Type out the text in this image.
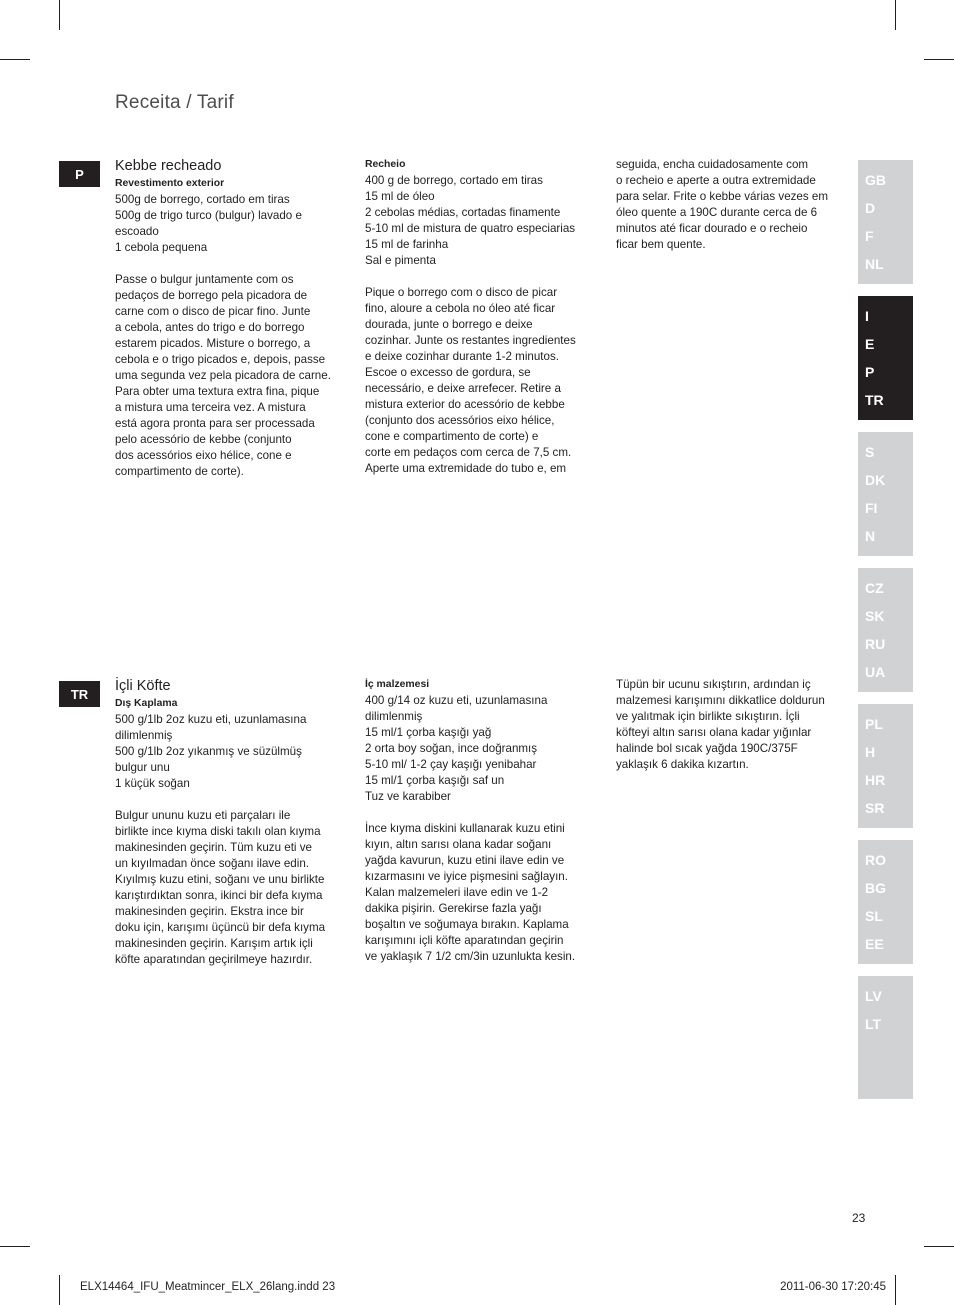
Receita / Tarif
P	Kebbe recheado
Revestimento exterior

500g de borrego, cortado em tiras

500g de trigo turco (bulgur) lavado e

escoado

1 cebola pequena

Passe o bulgur juntamente com os

pedaços de borrego pela picadora de

carne com o disco de picar fino. Junte

a cebola, antes do trigo e do borrego

estarem picados. Misture o borrego, a

cebola e o trigo picados e, depois, passe

uma segunda vez pela picadora de carne.

Para obter uma textura extra fina, pique

a mistura uma terceira vez. A mistura

está agora pronta para ser processada

pelo acessório de kebbe (conjunto

dos acessórios eixo hélice, cone e

compartimento de corte).

Recheio

400 g de borrego, cortado em tiras

15 ml de óleo

2 cebolas médias, cortadas finamente

5-10 ml de mistura de quatro especiarias

15 ml de farinha

Sal e pimenta

Pique o borrego com o disco de picar

fino, aloure a cebola no óleo até ficar

dourada, junte o borrego e deixe

cozinhar. Junte os restantes ingredientes

e deixe cozinhar durante 1-2 minutos.

Escoe o excesso de gordura, se

necessário, e deixe arrefecer. Retire a

mistura exterior do acessório de kebbe

(conjunto dos acessórios eixo hélice,

cone e compartimento de corte) e

corte em pedaços com cerca de 7,5 cm.

Aperte uma extremidade do tubo e, em

seguida, encha cuidadosamente com

o recheio e aperte a outra extremidade

para selar. Frite o kebbe várias vezes em

óleo quente a 190C durante cerca de 6

minutos até ficar dourado e o recheio

ficar bem quente.

TR	İçli Köfte
Dış Kaplama

500 g/1lb 2oz kuzu eti, uzunlamasına

dilimlenmiş

500 g/1lb 2oz yıkanmış ve süzülmüş

bulgur unu

1 küçük soğan

Bulgur ununu kuzu eti parçaları ile

birlikte ince kıyma diski takılı olan kıyma

makinesinden geçirin. Tüm kuzu eti ve

un kıyılmadan önce soğanı ilave edin.

Kıyılmış kuzu etini, soğanı ve unu birlikte

karıştırdıktan sonra, ikinci bir defa kıyma

makinesinden geçirin. Ekstra ince bir

doku için, karışımı üçüncü bir defa kıyma

makinesinden geçirin. Karışım artık içli

köfte aparatından geçirilmeye hazırdır.

İç malzemesi

400 g/14 oz kuzu eti, uzunlamasına

dilimlenmiş

15 ml/1 çorba kaşığı yağ

2 orta boy soğan, ince doğranmış

5-10 ml/ 1-2 çay kaşığı yenibahar

15 ml/1 çorba kaşığı saf un

Tuz ve karabiber

İnce kıyma diskini kullanarak kuzu etini

kıyın, altın sarısı olana kadar soğanı

yağda kavurun, kuzu etini ilave edin ve

kızarmasını ve iyice pişmesini sağlayın.

Kalan malzemeleri ilave edin ve 1-2

dakika pişirin. Gerekirse fazla yağı

boşaltın ve soğumaya bırakın. Kaplama

karışımını içli köfte aparatından geçirin

ve yaklaşık 7 1/2 cm/3in uzunlukta kesin.

Tüpün bir ucunu sıkıştırın, ardından iç

malzemesi karışımını dikkatlice doldurun

ve yalıtmak için birlikte sıkıştırın. İçli

köfteyi altın sarısı olana kadar yığınlar

halinde bol sıcak yağda 190C/375F

yaklaşık 6 dakika kızartın.

GB
D
F
NL
I
E
P
TR
S
DK
FI
N
CZ
SK
RU
UA
PL
H
HR
SR
RO
BG
SL
EE
LV
LT
23
ELX14464_IFU_Meatmincer_ELX_26lang.indd 23	2011-06-30 17:20:45
